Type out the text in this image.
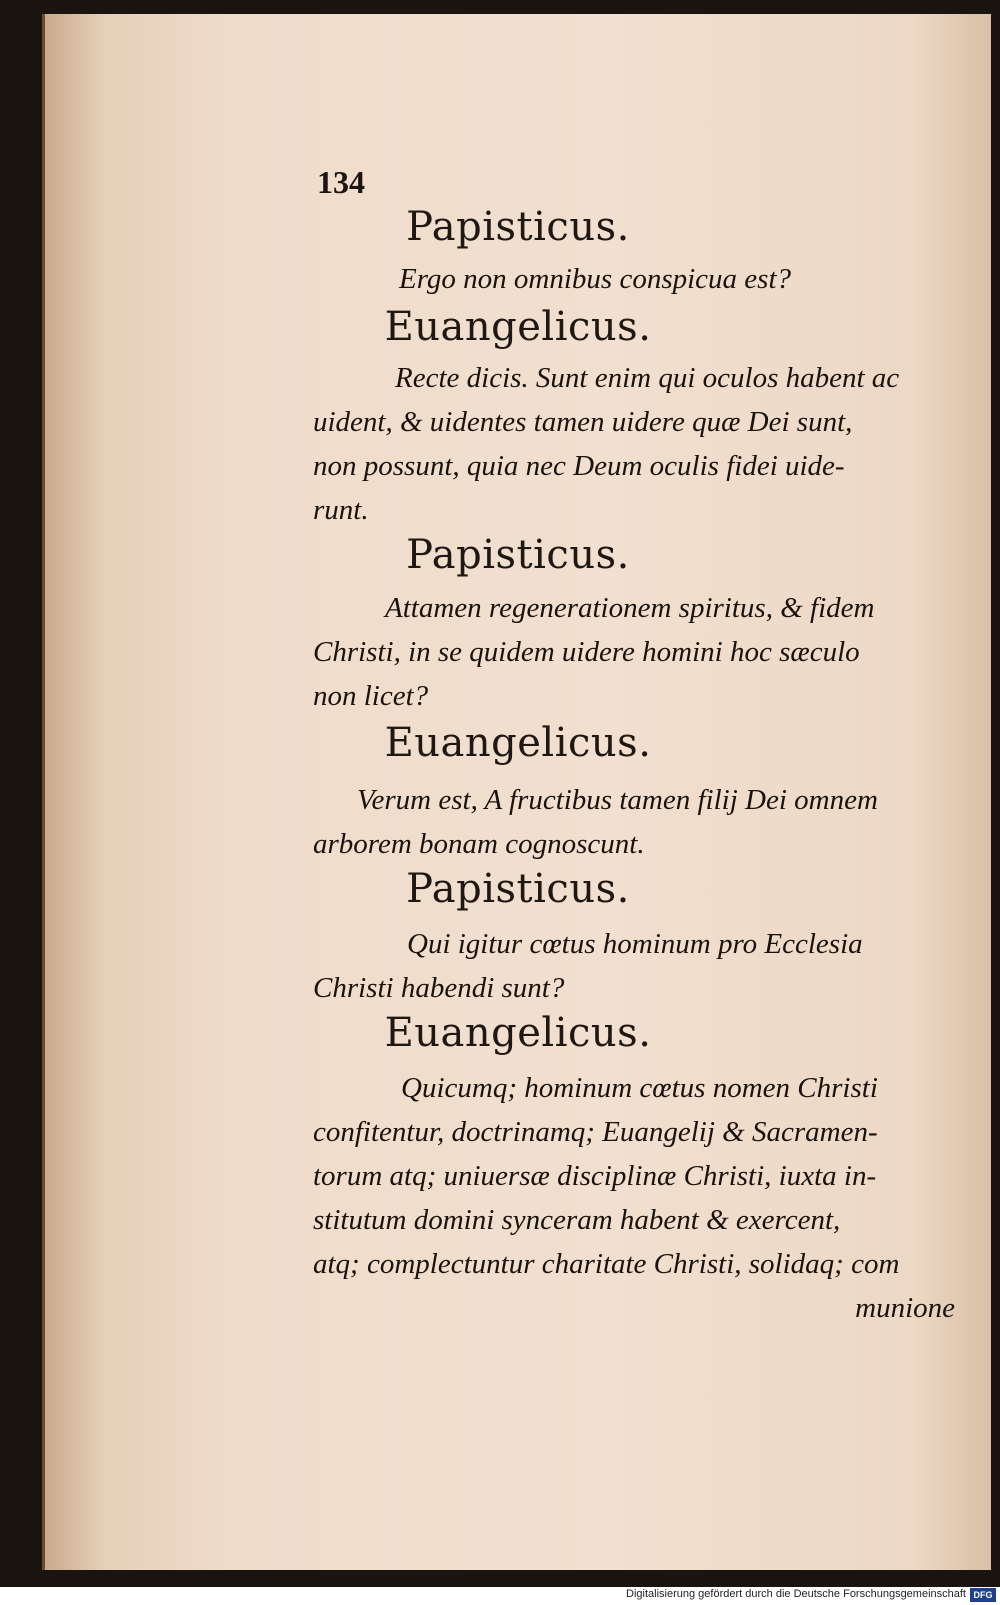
134
Papisticus.
Ergo non omnibus conspicua est?
Euangelicus.
Recte dicis. Sunt enim qui oculos habent ac
uident, & uidentes tamen uidere quæ Dei sunt,
non possunt, quia nec Deum oculis fidei uide-
runt.
Papisticus.
Attamen regenerationem spiritus, & fidem
Christi, in se quidem uidere homini hoc sæculo
non licet?
Euangelicus.
Verum est, A fructibus tamen filij Dei omnem
arborem bonam cognoscunt.
Papisticus.
Qui igitur cœtus hominum pro Ecclesia
Christi habendi sunt?
Euangelicus.
Quicumq; hominum cœtus nomen Christi
confitentur, doctrinamq; Euangelij & Sacramen-
torum atq; uniuersæ disciplinæ Christi, iuxta in-
stitutum domini synceram habent & exercent,
atq; complectuntur charitate Christi, solidaq; com
munione
Digitalisierung gefördert durch die Deutsche Forschungsgemeinschaft DFG
